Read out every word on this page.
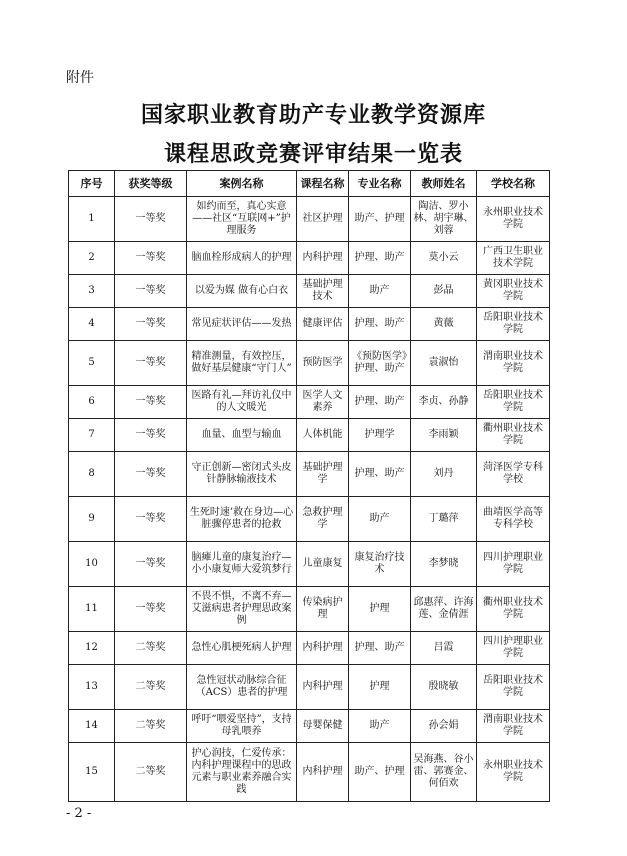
附件
国家职业教育助产专业教学资源库
课程思政竞赛评审结果一览表
序号	获奖等级	案例名称	课程名称	专业名称	教师姓名	学校名称
1	一等奖	如约而至，真心实意——社区“互联网+”护理服务	社区护理	助产、护理	陶洁、罗小林、胡宇琳、刘蓉	永州职业技术学院
2	一等奖	脑血栓形成病人的护理	内科护理	护理、助产	莫小云	广西卫生职业技术学院
3	一等奖	以爱为媒 做有心白衣	基础护理技术	助产	彭晶	黄冈职业技术学院
4	一等奖	常见症状评估——发热	健康评估	护理、助产	黄薇	岳阳职业技术学院
5	一等奖	精准测量，有效控压，做好基层健康“守门人”	预防医学	《预防医学》护理、助产	袁淑怡	渭南职业技术学院
6	一等奖	医路有礼—拜访礼仪中的人文暖光	医学人文素养	护理、助产	李贞、孙静	岳阳职业技术学院
7	一等奖	血量、血型与输血	人体机能	护理学	李雨颖	衢州职业技术学院
8	一等奖	守正创新—密闭式头皮针静脉输液技术	基础护理学	护理、助产	刘丹	菏泽医学专科学校
9	一等奖	生死时速’救在身边—心脏骤停患者的抢救	急救护理学	助产	丁璐萍	曲靖医学高等专科学校
10	一等奖	脑瘫儿童的康复治疗—小小康复师大爱筑梦行	儿童康复	康复治疗技术	李梦晓	四川护理职业学院
11	一等奖	不畏不惧，不离不弃—艾滋病患者护理思政案例	传染病护理	护理	邱惠萍、许海莲、金倩涯	衢州职业技术学院
12	二等奖	急性心肌梗死病人护理	内科护理	护理、助产	吕霞	四川护理职业学院
13	二等奖	急性冠状动脉综合征（ACS）患者的护理	内科护理	护理	殷晓敏	岳阳职业技术学院
14	二等奖	呼吁“喂爱坚持”，支持母乳喂养	母婴保健	助产	孙会娟	渭南职业技术学院
15	二等奖	护心润技，仁爱传承：内科护理课程中的思政元素与职业素养融合实践	内科护理	助产、护理	吴海燕、谷小雷、郭赛金、何佰欢	永州职业技术学院
- 2 -
